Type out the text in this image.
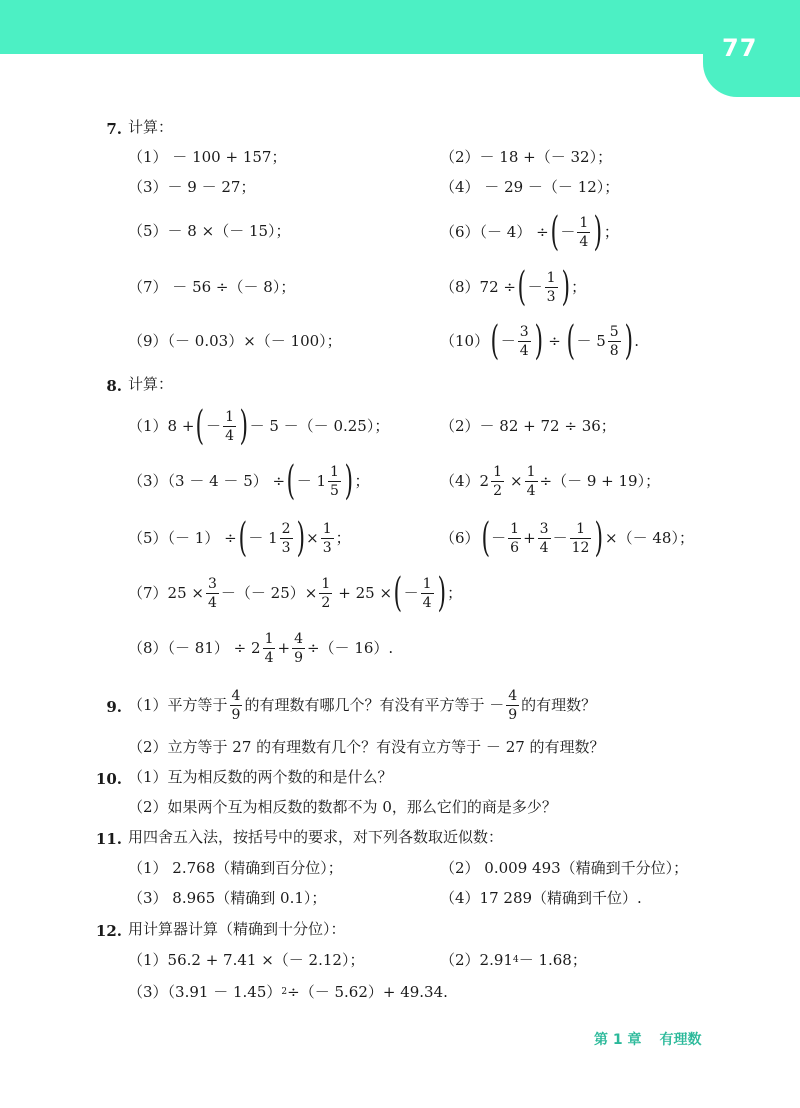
77
7. 计算：
（1） － 100 + 157；	（2）－ 18 +（－ 32）；
（3）－ 9 － 27；	（4） － 29 －（－ 12）；
（5）－ 8 ×（－ 15）；	（6）（－ 4） ÷ ( － $\frac{1}{4}$ ) ；
（7） － 56 ÷（－ 8）；	（8）72 ÷ ( － $\frac{1}{3}$ ) ；
（9）（－ 0.03）×（－ 100）；	（10） ( － $\frac{3}{4}$ ) ÷ ( － $5 \frac{5}{8}$ ) .
8. 计算：
（1）8 + ( － $\frac{1}{4}$ ) － 5 －（－ 0.25）；	（2）－ 82 + 72 ÷ 36；
（3）（3 － 4 － 5） ÷ ( － $1 \frac{1}{5}$ ) ；	$(4)2 \frac{1}{2} \times \frac{1}{4}$ ÷（－ 9 + 19）；
（5）（－ 1） ÷ ( － $1 \frac{2}{3}$ ) × $\frac{1}{3}$ ；	（6） ( － $\frac{1}{6} + \frac{3}{4} - \frac{1}{12}$ ) ×（－ 48）；
$(7)25 \times \frac{3}{4}$ －（－ $25)\times \frac{1}{2} + 25$ × ( － $\frac{1}{4}$ ) ；
$(8)(- 81) \div 2 \frac{1}{4} + \frac{4}{9}$ ÷（－ 16）.
9. （1）平方等于 $\frac{4}{9}$ 的有理数有哪几个？有没有平方等于 － $\frac{4}{9}$ 的有理数？
（2）立方等于 27 的有理数有几个？有没有立方等于 － 27 的有理数？
10. （1）互为相反数的两个数的和是什么？
（2）如果两个互为相反数的数都不为 0，那么它们的商是多少？
11. 用四舍五入法，按括号中的要求，对下列各数取近似数：
（1） 2.768（精确到百分位）；	（2） 0.009 493（精确到千分位）；
（3） 8.965（精确到 0.1）；	（4）17 289（精确到千位）.
12. 用计算器计算（精确到十分位）：
（1）56.2 + 7.41 ×（－ 2.12）；	（2）2.91 4 － 1.68；
（3）（3.91 － 1.45） 2 ÷（－ 5.62）+ 49.34.
第 1 章 有理数
